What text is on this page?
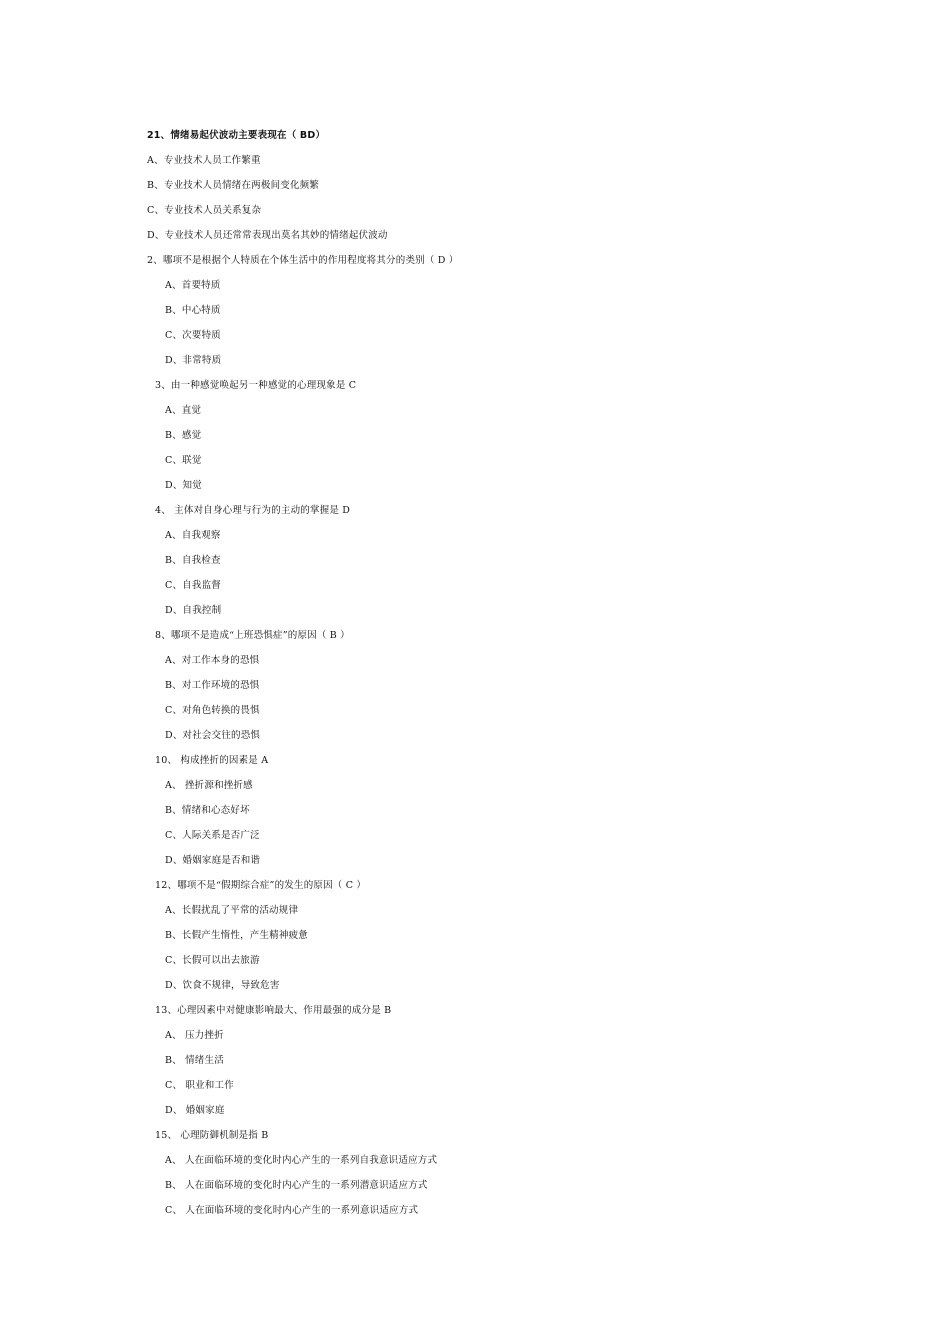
21、情绪易起伏波动主要表现在（ BD）
A、专业技术人员工作繁重
B、专业技术人员情绪在两极间变化频繁
C、专业技术人员关系复杂
D、专业技术人员还常常表现出莫名其妙的情绪起伏波动
2、哪项不是根据个人特质在个体生活中的作用程度将其分的类别（ D ）
A、首要特质
B、中心特质
C、次要特质
D、非常特质
3、由一种感觉唤起另一种感觉的心理现象是 C
A、直觉
B、感觉
C、联觉
D、知觉
4、 主体对自身心理与行为的主动的掌握是 D
A、自我观察
B、自我检查
C、自我监督
D、自我控制
8、哪项不是造成“上班恐惧症”的原因（ B ）
A、对工作本身的恐惧
B、对工作环境的恐惧
C、对角色转换的畏惧
D、对社会交往的恐惧
10、 构成挫折的因素是 A
A、 挫折源和挫折感
B、情绪和心态好坏
C、人际关系是否广泛
D、婚姻家庭是否和谐
12、哪项不是“假期综合症”的发生的原因（ C ）
A、长假扰乱了平常的活动规律
B、长假产生惰性，产生精神疲惫
C、长假可以出去旅游
D、饮食不规律，导致危害
13、心理因素中对健康影响最大、作用最强的成分是 B
A、 压力挫折
B、 情绪生活
C、 职业和工作
D、 婚姻家庭
15、 心理防御机制是指 B
A、 人在面临环境的变化时内心产生的一系列自我意识适应方式
B、 人在面临环境的变化时内心产生的一系列潜意识适应方式
C、 人在面临环境的变化时内心产生的一系列意识适应方式
